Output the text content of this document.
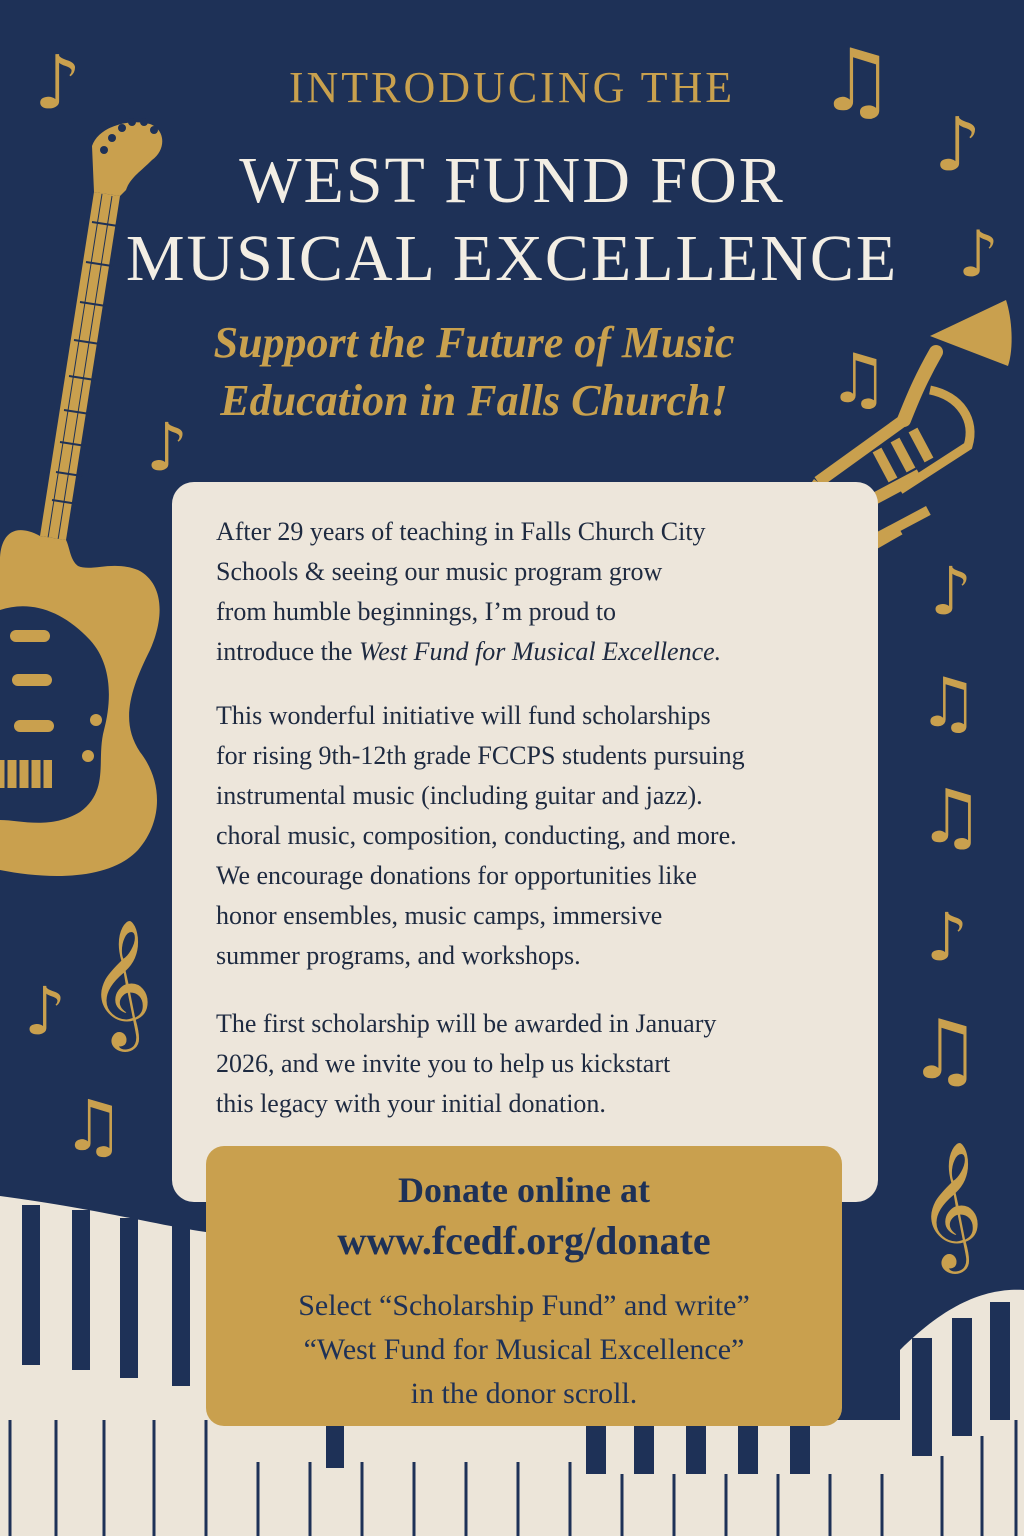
♪	♫
♪
♪
♫
♪
♪
♫
♫
♪
𝄞
♪
♫
♫
𝄞
INTRODUCING THE
WEST FUND FOR
MUSICAL EXCELLENCE
Support the Future of Music
Education in Falls Church!
After 29 years of teaching in Falls Church City
Schools & seeing our music program grow
from humble beginnings, I’m proud to
introduce the West Fund for Musical Excellence.
This wonderful initiative will fund scholarships
for rising 9th-12th grade FCCPS students pursuing
instrumental music (including guitar and jazz).
choral music, composition, conducting, and more.
We encourage donations for opportunities like
honor ensembles, music camps, immersive
summer programs, and workshops.
The first scholarship will be awarded in January
2026, and we invite you to help us kickstart
this legacy with your initial donation.
Donate online at
www.fcedf.org/donate
Select “Scholarship Fund” and write”
“West Fund for Musical Excellence”
in the donor scroll.
